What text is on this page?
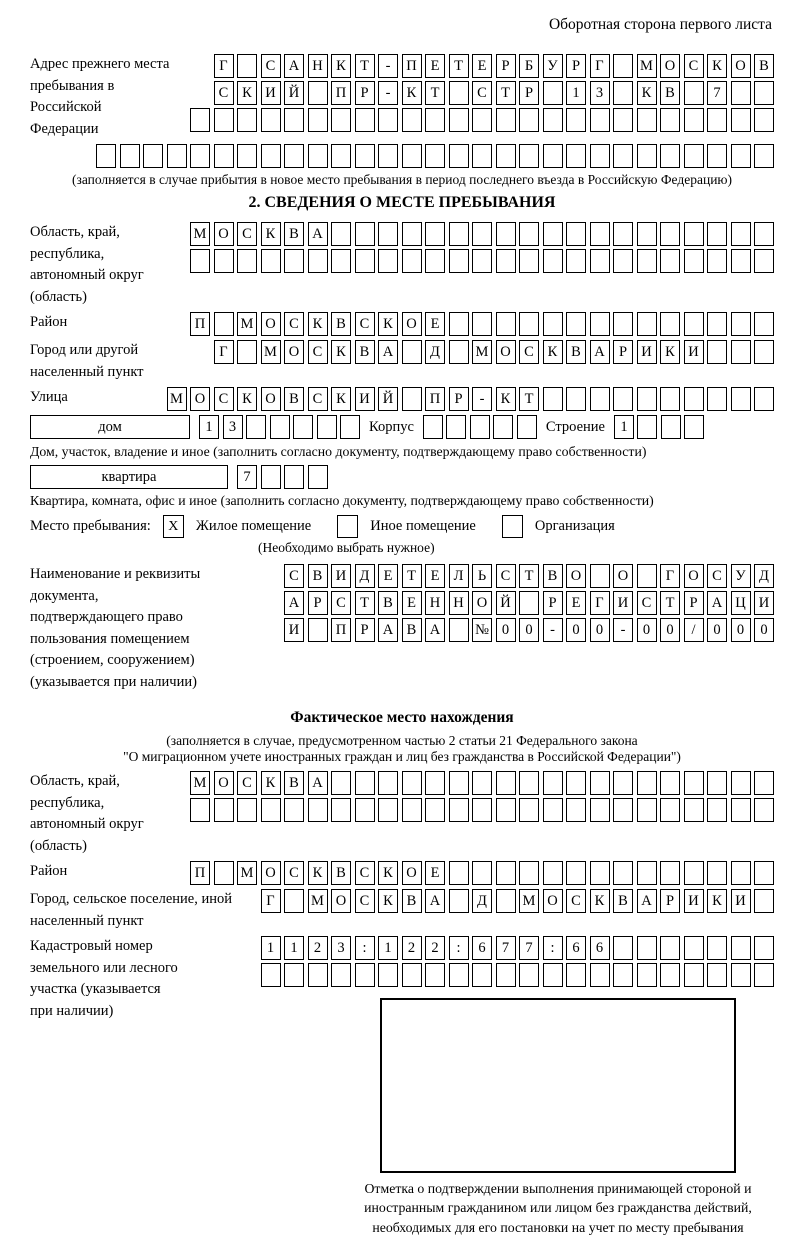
Оборотная сторона первого листа
Адрес прежнего места пребывания в Российской Федерации
Г	С А Н К Т	-	П Е	Т	Е	Р	Б У Р	Г	М О С К О В
С К И Й	П Р	-	К Т	С Т	Р	1	3	К В	7
(заполняется в случае прибытия в новое место пребывания в период последнего въезда в Российскую Федерацию)
2. СВЕДЕНИЯ О МЕСТЕ ПРЕБЫВАНИЯ
Область, край, республика, автономный округ (область)
М О С К В А
Район	П	М О С К В С К О Е
Город или другой населенный пункт
Г	М О С К В А	Д	М О С К В А Р И К И
Улица	М О С К О В С К И Й	П Р	-	К Т
дом	1	3	Корпус	Строение	1
Дом, участок, владение и иное (заполнить согласно документу, подтверждающему право собственности)
квартира	7
Квартира, комната, офис и иное (заполнить согласно документу, подтверждающему право собственности)
Место пребывания:	X	Жилое помещение	Иное помещение	Организация
(Необходимо выбрать нужное)
Наименование и реквизиты документа, подтверждающего право пользования помещением (строением, сооружением) (указывается при наличии)
С В И Д Е	Т	Е Л Ь	С Т В О	О	Г О С У Д
А Р	С Т В Е Н Н О Й	Р	Е	Г И С Т	Р А Ц И
И	П Р А В А	№ 0	0	-	0	0	-	0	0	/	0	0	0
Фактическое место нахождения
(заполняется в случае, предусмотренном частью 2 статьи 21 Федерального закона
"О миграционном учете иностранных граждан и лиц без гражданства в Российской Федерации")
Область, край, республика, автономный округ (область)
М О С К В А
Район	П	М О С К В С К О Е
Город, сельское поселение, иной населенный пункт
Г	М О С К В А	Д	М О С К В А Р И К И
Кадастровый номер земельного или лесного участка (указывается при наличии)
1	1	2	3	:	1	2	2	:	6	7	7	:	6	6
Отметка о подтверждении выполнения принимающей стороной и иностранным гражданином или лицом без гражданства действий, необходимых для его постановки на учет по месту пребывания
